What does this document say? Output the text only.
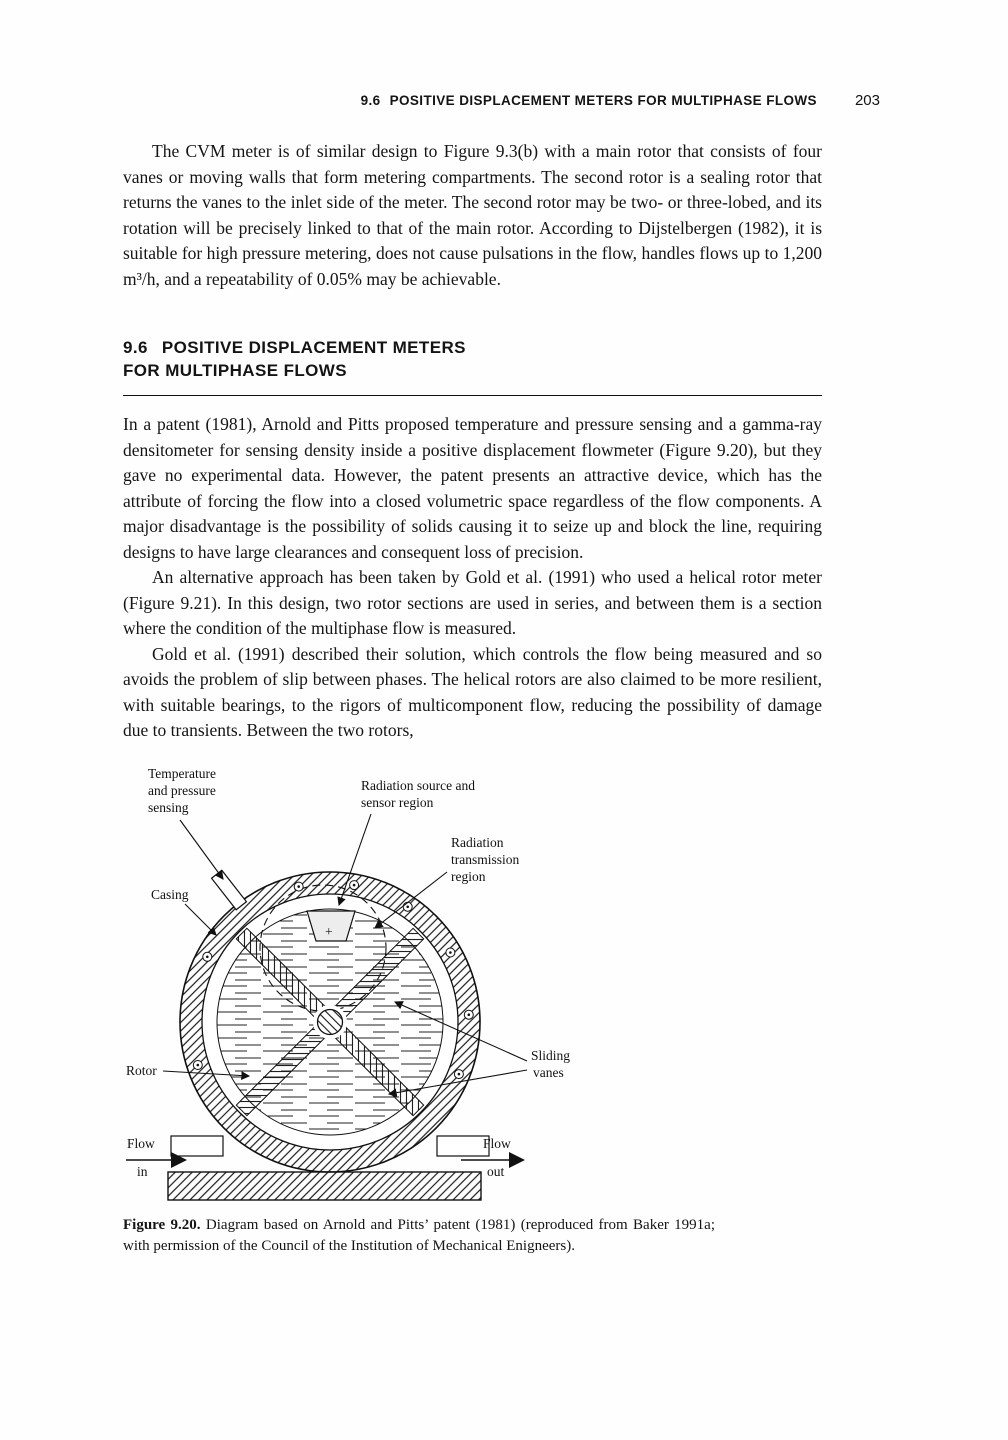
9.6 POSITIVE DISPLACEMENT METERS FOR MULTIPHASE FLOWS	203

The CVM meter is of similar design to Figure 9.3(b) with a main rotor that consists of four vanes or moving walls that form metering compartments. The second rotor is a sealing rotor that returns the vanes to the inlet side of the meter. The second rotor may be two- or three-lobed, and its rotation will be precisely linked to that of the main rotor. According to Dijstelbergen (1982), it is suitable for high pressure metering, does not cause pulsations in the flow, handles flows up to 1,200 m³/h, and a repeatability of 0.05% may be achievable.

9.6 POSITIVE DISPLACEMENT METERS
FOR MULTIPHASE FLOWS

In a patent (1981), Arnold and Pitts proposed temperature and pressure sensing and a gamma-ray densitometer for sensing density inside a positive displacement flowmeter (Figure 9.20), but they gave no experimental data. However, the patent presents an attractive device, which has the attribute of forcing the flow into a closed volumetric space regardless of the flow components. A major disadvantage is the possibility of solids causing it to seize up and block the line, requiring designs to have large clearances and consequent loss of precision.

An alternative approach has been taken by Gold et al. (1991) who used a helical rotor meter (Figure 9.21). In this design, two rotor sections are used in series, and between them is a section where the condition of the multiphase flow is measured.

Gold et al. (1991) described their solution, which controls the flow being measured and so avoids the problem of slip between phases. The helical rotors are also claimed to be more resilient, with suitable bearings, to the rigors of multicomponent flow, reducing the possibility of damage due to transients. Between the two rotors,

+
Temperature
and pressure
sensing
Radiation source and
sensor region
Radiation
transmission
region
Casing
Rotor
Sliding
vanes
Flow
in
Flow
out
Figure 9.20. Diagram based on Arnold and Pitts’ patent (1981) (reproduced from Baker 1991a; with permission of the Council of the Institution of Mechanical Enigneers).
